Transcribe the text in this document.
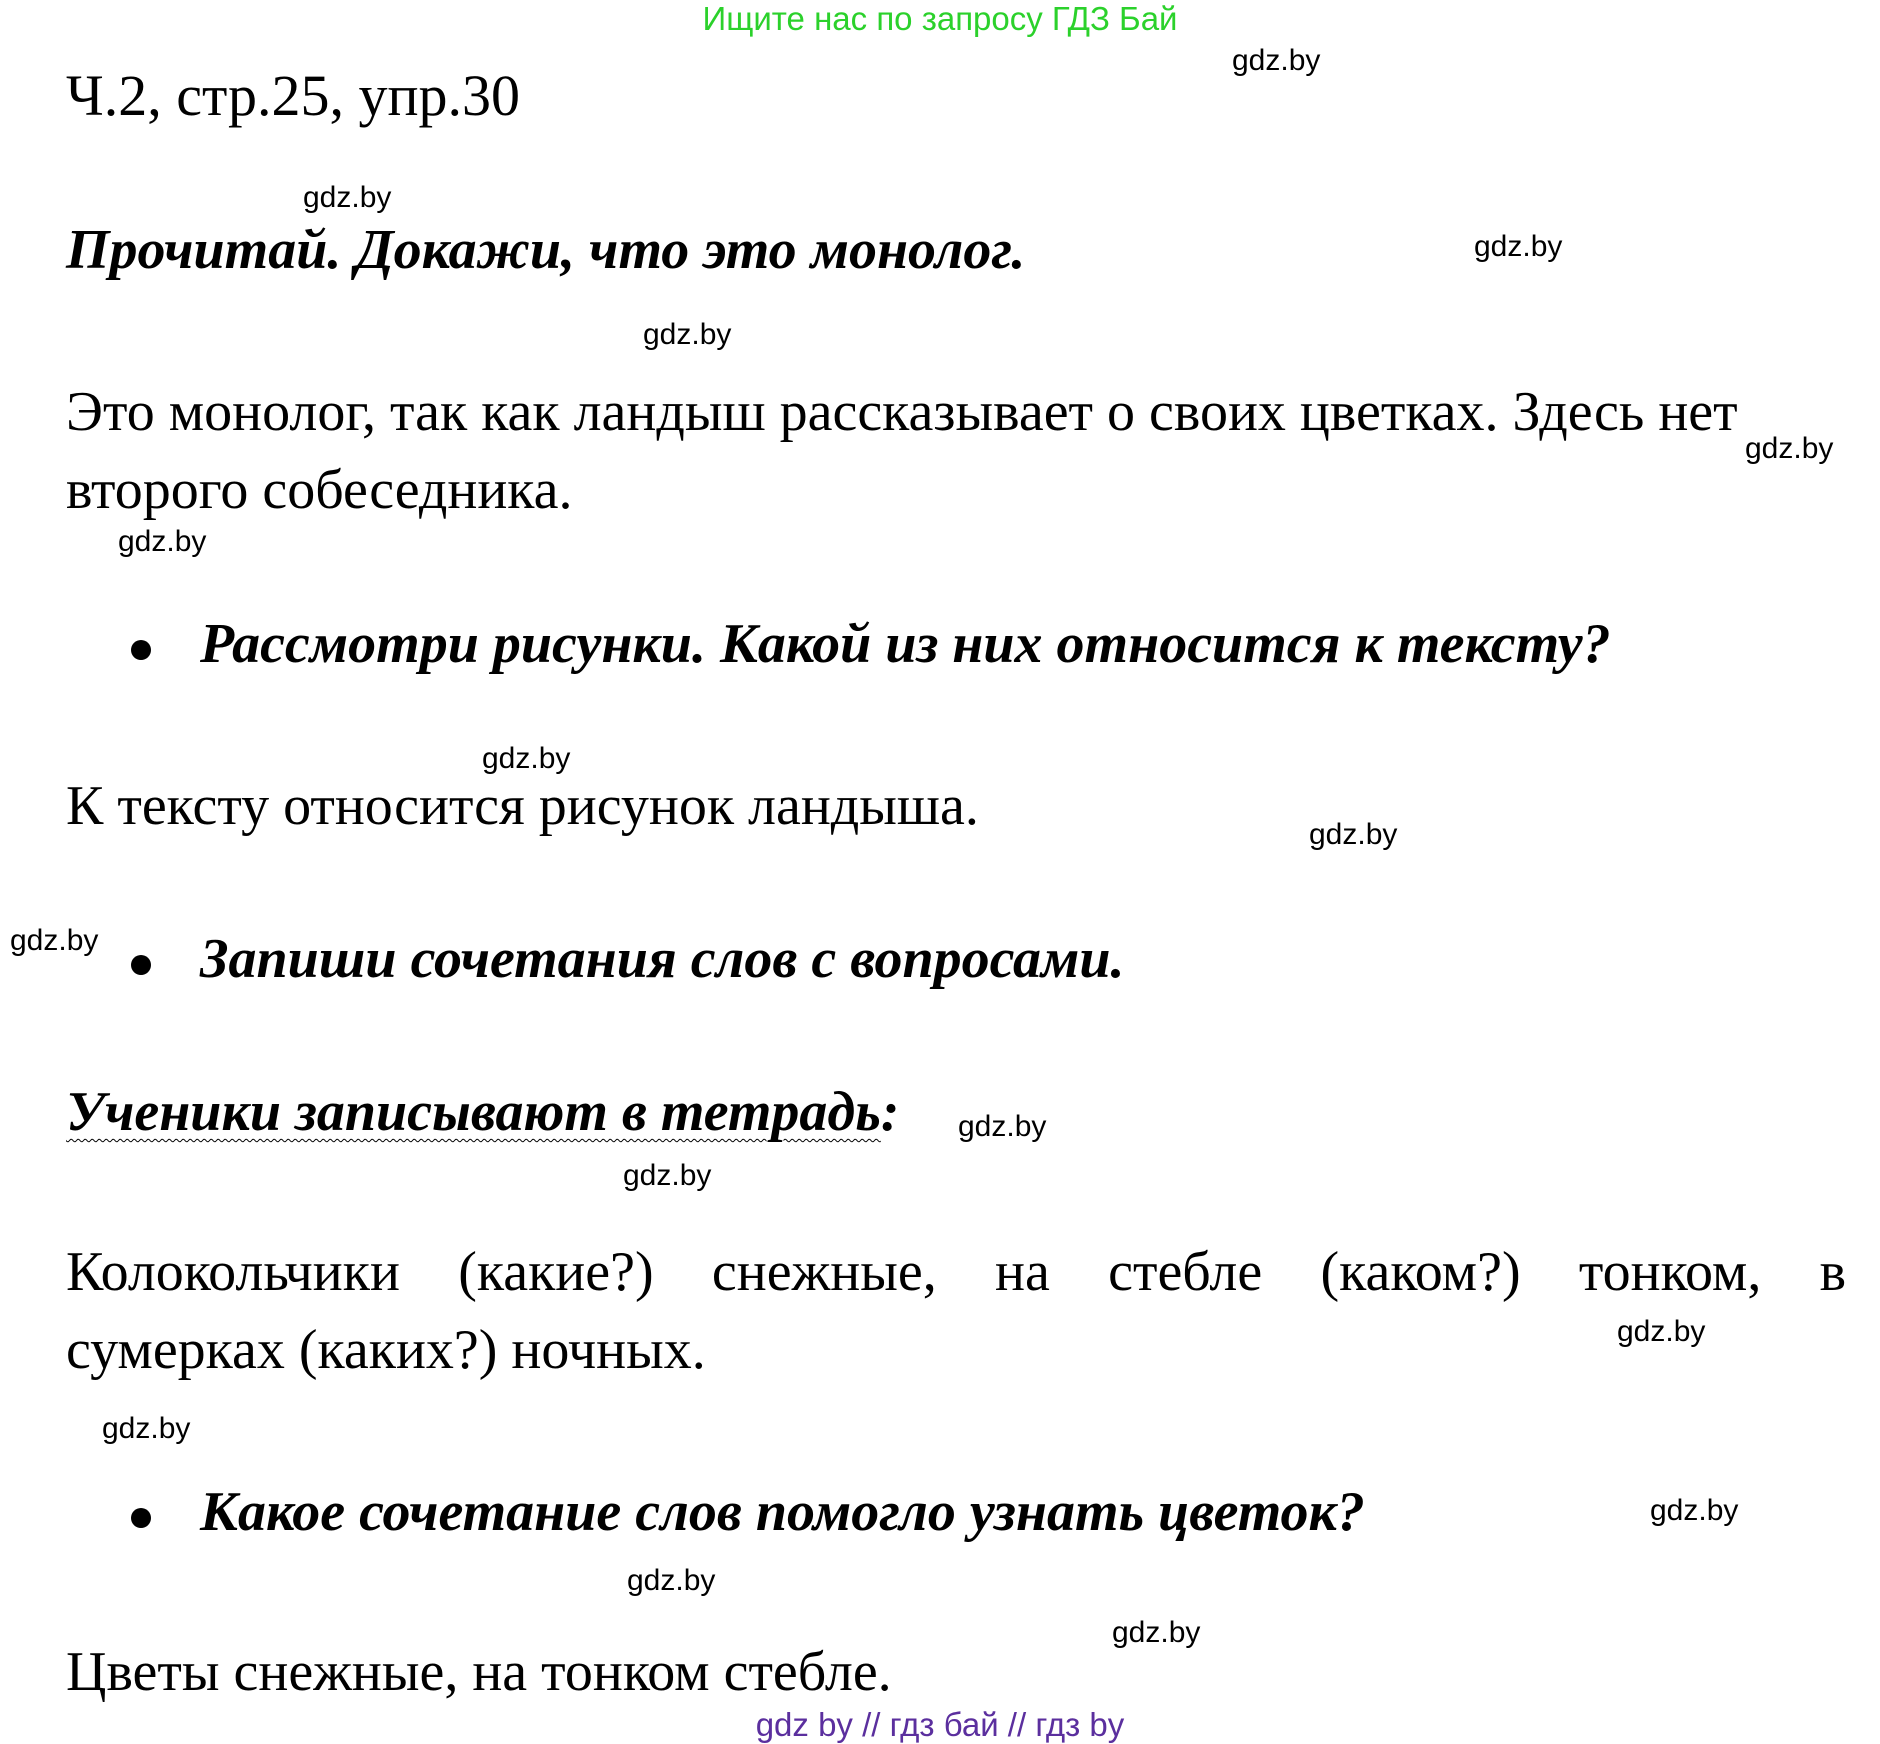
Ищите нас по запросу ГДЗ Бай
Ч.2, стр.25, упр.30
Прочитай. Докажи, что это монолог.
Это монолог, так как ландыш рассказывает о своих цветках. Здесь нет
второго собеседника.
Рассмотри рисунки. Какой из них относится к тексту?
К тексту относится рисунок ландыша.
Запиши сочетания слов с вопросами.
Ученики записывают в тетрадь:
Колокольчики (какие?) снежные, на стебле (каком?) тонком, в
сумерках (каких?) ночных.
Какое сочетание слов помогло узнать цветок?
Цветы снежные, на тонком стебле.
gdz.by
gdz.by
gdz.by
gdz.by
gdz.by
gdz.by
gdz.by
gdz.by
gdz.by
gdz.by
gdz.by
gdz.by
gdz.by
gdz.by
gdz.by
gdz.by
gdz by // гдз бай // гдз by
